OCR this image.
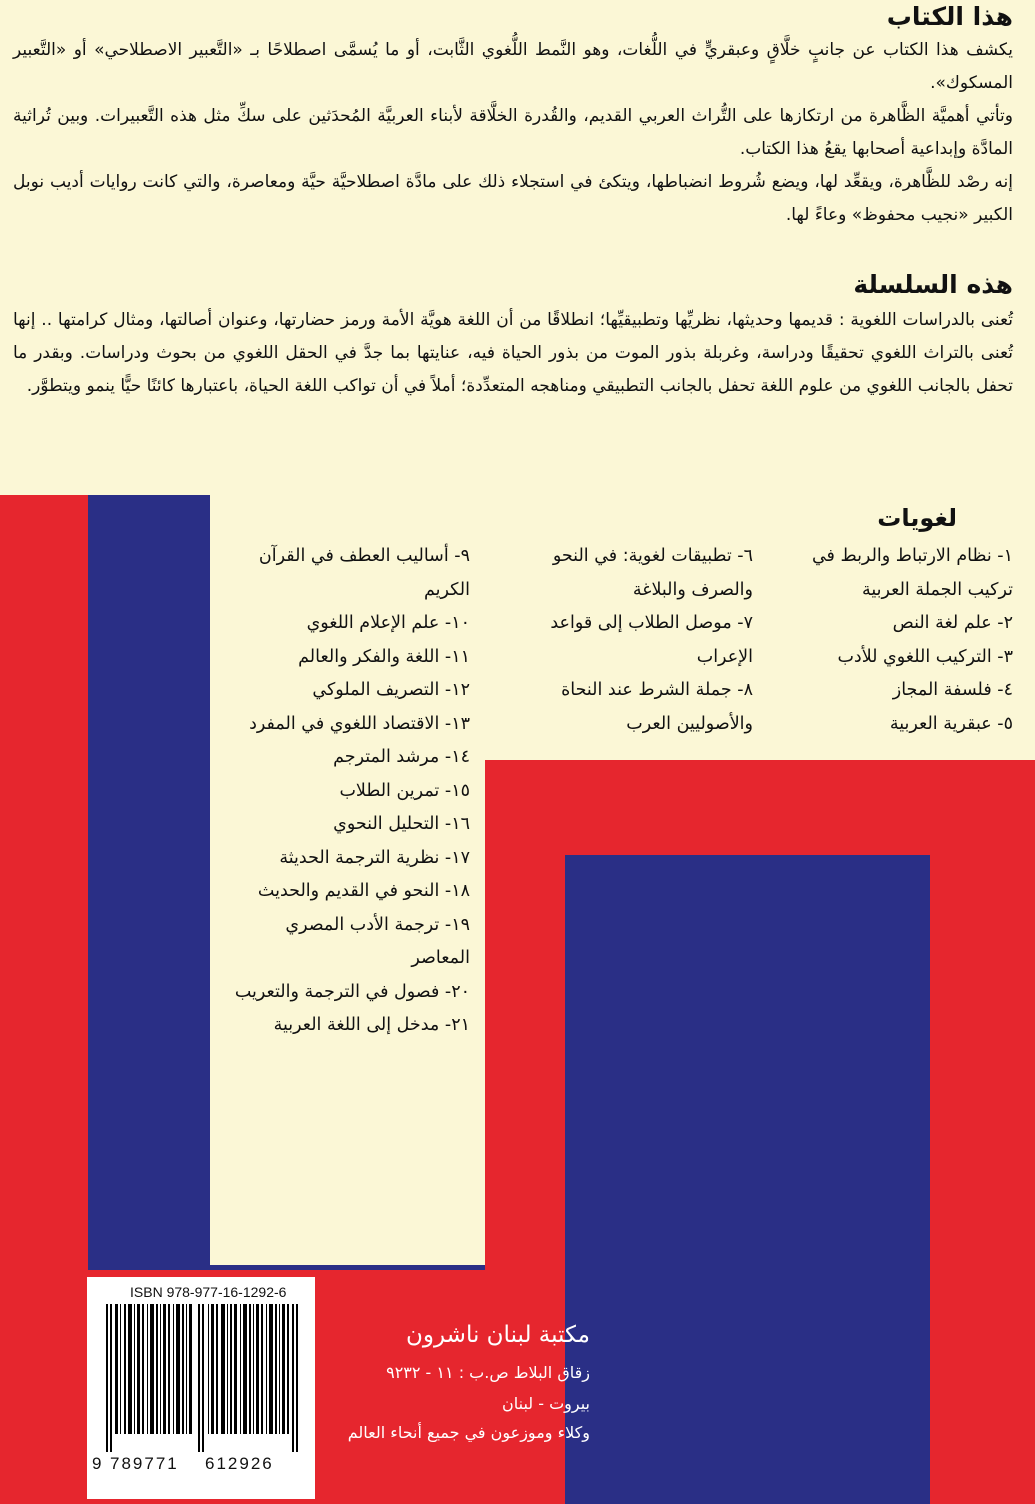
هذا الكتاب

يكشف هذا الكتاب عن جانبٍ خلَّاقٍ وعبقريٍّ في اللُّغات، وهو النَّمط اللُّغوي الثَّابت، أو ما يُسمَّى اصطلاحًا بـ «التَّعبير الاصطلاحي» أو «التَّعبير المسكوك».

وتأتي أهميَّة الظَّاهرة من ارتكازها على التُّراث العربي القديم، والقُدرة الخلَّاقة لأبناء العربيَّة المُحدَثين على سكِّ مثل هذه التَّعبيرات. وبين تُراثية المادَّة وإبداعية أصحابها يقعُ هذا الكتاب.

إنه رصْد للظَّاهرة، ويقعِّد لها، ويضع شُروط انضباطها، ويتكئ في استجلاء ذلك على مادَّة اصطلاحيَّة حيَّة ومعاصرة، والتي كانت روايات أديب نوبل الكبير «نجيب محفوظ» وعاءً لها.

هذه السلسلة

تُعنى بالدراسات اللغوية : قديمها وحديثها، نظريِّها وتطبيقيِّها؛ انطلاقًا من أن اللغة هويَّة الأمة ورمز حضارتها، وعنوان أصالتها، ومثال كرامتها .. إنها تُعنى بالتراث اللغوي تحقيقًا ودراسة، وغربلة بذور الموت من بذور الحياة فيه، عنايتها بما جدَّ في الحقل اللغوي من بحوث ودراسات. وبقدر ما تحفل بالجانب اللغوي من علوم اللغة تحفل بالجانب التطبيقي ومناهجه المتعدِّدة؛ أملاً في أن تواكب اللغة الحياة، باعتبارها كائنًا حيًّا ينمو ويتطوَّر.

لغويات
١- نظام الارتباط والربط في
تركيب الجملة العربية
٢- علم لغة النص
٣- التركيب اللغوي للأدب
٤- فلسفة المجاز
٥- عبقرية العربية
٦- تطبيقات لغوية: في النحو
والصرف والبلاغة
٧- موصل الطلاب إلى قواعد
الإعراب
٨- جملة الشرط عند النحاة
والأصوليين العرب
٩- أساليب العطف في القرآن
الكريم
١٠- علم الإعلام اللغوي
١١- اللغة والفكر والعالم
١٢- التصريف الملوكي
١٣- الاقتصاد اللغوي في المفرد
١٤- مرشد المترجم
١٥- تمرين الطلاب
١٦- التحليل النحوي
١٧- نظرية الترجمة الحديثة
١٨- النحو في القديم والحديث
١٩- ترجمة الأدب المصري
المعاصر
٢٠- فصول في الترجمة والتعريب
٢١- مدخل إلى اللغة العربية
ISBN 978-977-16-1292-6
9 789771 612926
مكتبة لبنان ناشرون
زقاق البلاط ص.ب : ١١ - ٩٢٣٢
بيروت - لبنان
وكلاء وموزعون في جميع أنحاء العالم
